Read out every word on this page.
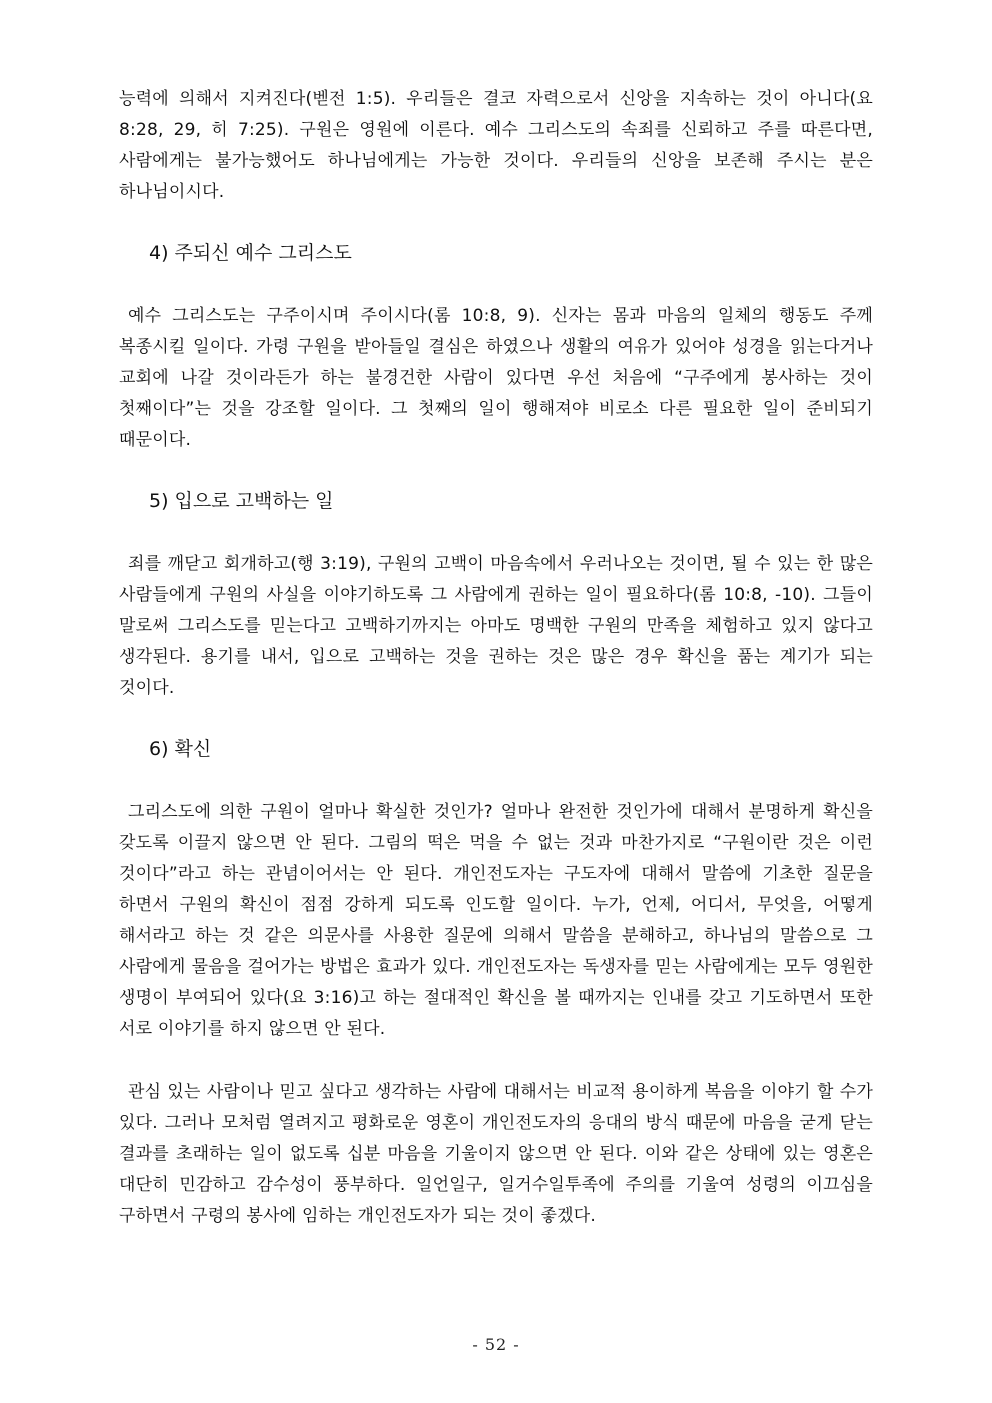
능력에 의해서 지켜진다(벧전 1:5). 우리들은 결코 자력으로서 신앙을 지속하는 것이 아니다(요 8:28, 29, 히 7:25). 구원은 영원에 이른다. 예수 그리스도의 속죄를 신뢰하고 주를 따른다면, 사람에게는 불가능했어도 하나님에게는 가능한 것이다. 우리들의 신앙을 보존해 주시는 분은 하나님이시다.

4) 주되신 예수 그리스도

예수 그리스도는 구주이시며 주이시다(롬 10:8, 9). 신자는 몸과 마음의 일체의 행동도 주께 복종시킬 일이다. 가령 구원을 받아들일 결심은 하였으나 생활의 여유가 있어야 성경을 읽는다거나 교회에 나갈 것이라든가 하는 불경건한 사람이 있다면 우선 처음에 “구주에게 봉사하는 것이 첫째이다”는 것을 강조할 일이다. 그 첫째의 일이 행해져야 비로소 다른 필요한 일이 준비되기 때문이다.

5) 입으로 고백하는 일

죄를 깨닫고 회개하고(행 3:19), 구원의 고백이 마음속에서 우러나오는 것이면, 될 수 있는 한 많은 사람들에게 구원의 사실을 이야기하도록 그 사람에게 권하는 일이 필요하다(롬 10:8, -10). 그들이 말로써 그리스도를 믿는다고 고백하기까지는 아마도 명백한 구원의 만족을 체험하고 있지 않다고 생각된다. 용기를 내서, 입으로 고백하는 것을 권하는 것은 많은 경우 확신을 품는 계기가 되는 것이다.

6) 확신

그리스도에 의한 구원이 얼마나 확실한 것인가? 얼마나 완전한 것인가에 대해서 분명하게 확신을 갖도록 이끌지 않으면 안 된다. 그림의 떡은 먹을 수 없는 것과 마찬가지로 “구원이란 것은 이런 것이다”라고 하는 관념이어서는 안 된다. 개인전도자는 구도자에 대해서 말씀에 기초한 질문을 하면서 구원의 확신이 점점 강하게 되도록 인도할 일이다. 누가, 언제, 어디서, 무엇을, 어떻게 해서라고 하는 것 같은 의문사를 사용한 질문에 의해서 말씀을 분해하고, 하나님의 말씀으로 그 사람에게 물음을 걸어가는 방법은 효과가 있다. 개인전도자는 독생자를 믿는 사람에게는 모두 영원한 생명이 부여되어 있다(요 3:16)고 하는 절대적인 확신을 볼 때까지는 인내를 갖고 기도하면서 또한 서로 이야기를 하지 않으면 안 된다.

관심 있는 사람이나 믿고 싶다고 생각하는 사람에 대해서는 비교적 용이하게 복음을 이야기 할 수가 있다. 그러나 모처럼 열려지고 평화로운 영혼이 개인전도자의 응대의 방식 때문에 마음을 굳게 닫는 결과를 초래하는 일이 없도록 십분 마음을 기울이지 않으면 안 된다. 이와 같은 상태에 있는 영혼은 대단히 민감하고 감수성이 풍부하다. 일언일구, 일거수일투족에 주의를 기울여 성령의 이끄심을 구하면서 구령의 봉사에 임하는 개인전도자가 되는 것이 좋겠다.

- 52 -
